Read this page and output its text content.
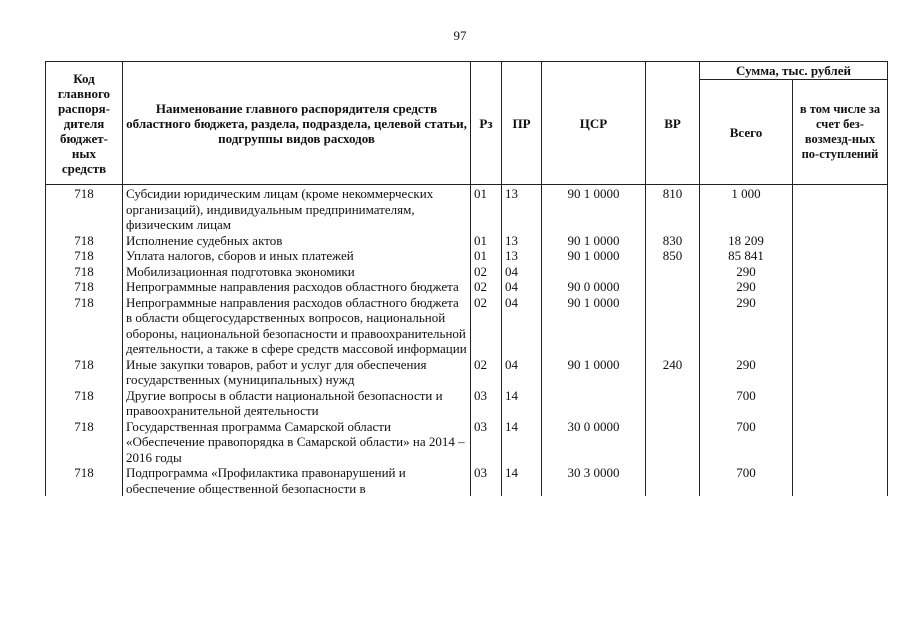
97
Код главного распоря-дителя бюджет-ных средств	Наименование главного распорядителя средств областного бюджета, раздела, подраздела, целевой статьи, подгруппы видов расходов	Рз	ПР	ЦСР	ВР	Сумма, тыс. рублей	
						Всего	в том числе за счет без-возмезд-ных по-ступлений
718	Субсидии юридическим лицам (кроме некоммерческих организаций), индивидуальным предпринимателям, физическим лицам	01	13	90 1 0000	810	1 000	
718	Исполнение судебных актов	01	13	90 1 0000	830	18 209	
718	Уплата налогов, сборов и иных платежей	01	13	90 1 0000	850	85 841	
718	Мобилизационная подготовка экономики	02	04			290	
718	Непрограммные направления расходов областного бюджета	02	04	90 0 0000		290	
718	Непрограммные направления расходов областного бюджета в области общегосударственных вопросов, национальной обороны, национальной безопасности и правоохранительной деятельности, а также в сфере средств массовой информации	02	04	90 1 0000		290	
718	Иные закупки товаров, работ и услуг для обеспечения государственных (муниципальных) нужд	02	04	90 1 0000	240	290	
718	Другие вопросы в области национальной безопасности и правоохранительной деятельности	03	14			700	
718	Государственная программа Самарской области «Обеспечение правопорядка в Самарской области» на 2014 – 2016 годы	03	14	30 0 0000		700	
718	Подпрограмма «Профилактика правонарушений и обеспечение общественной безопасности в	03	14	30 3 0000		700	
